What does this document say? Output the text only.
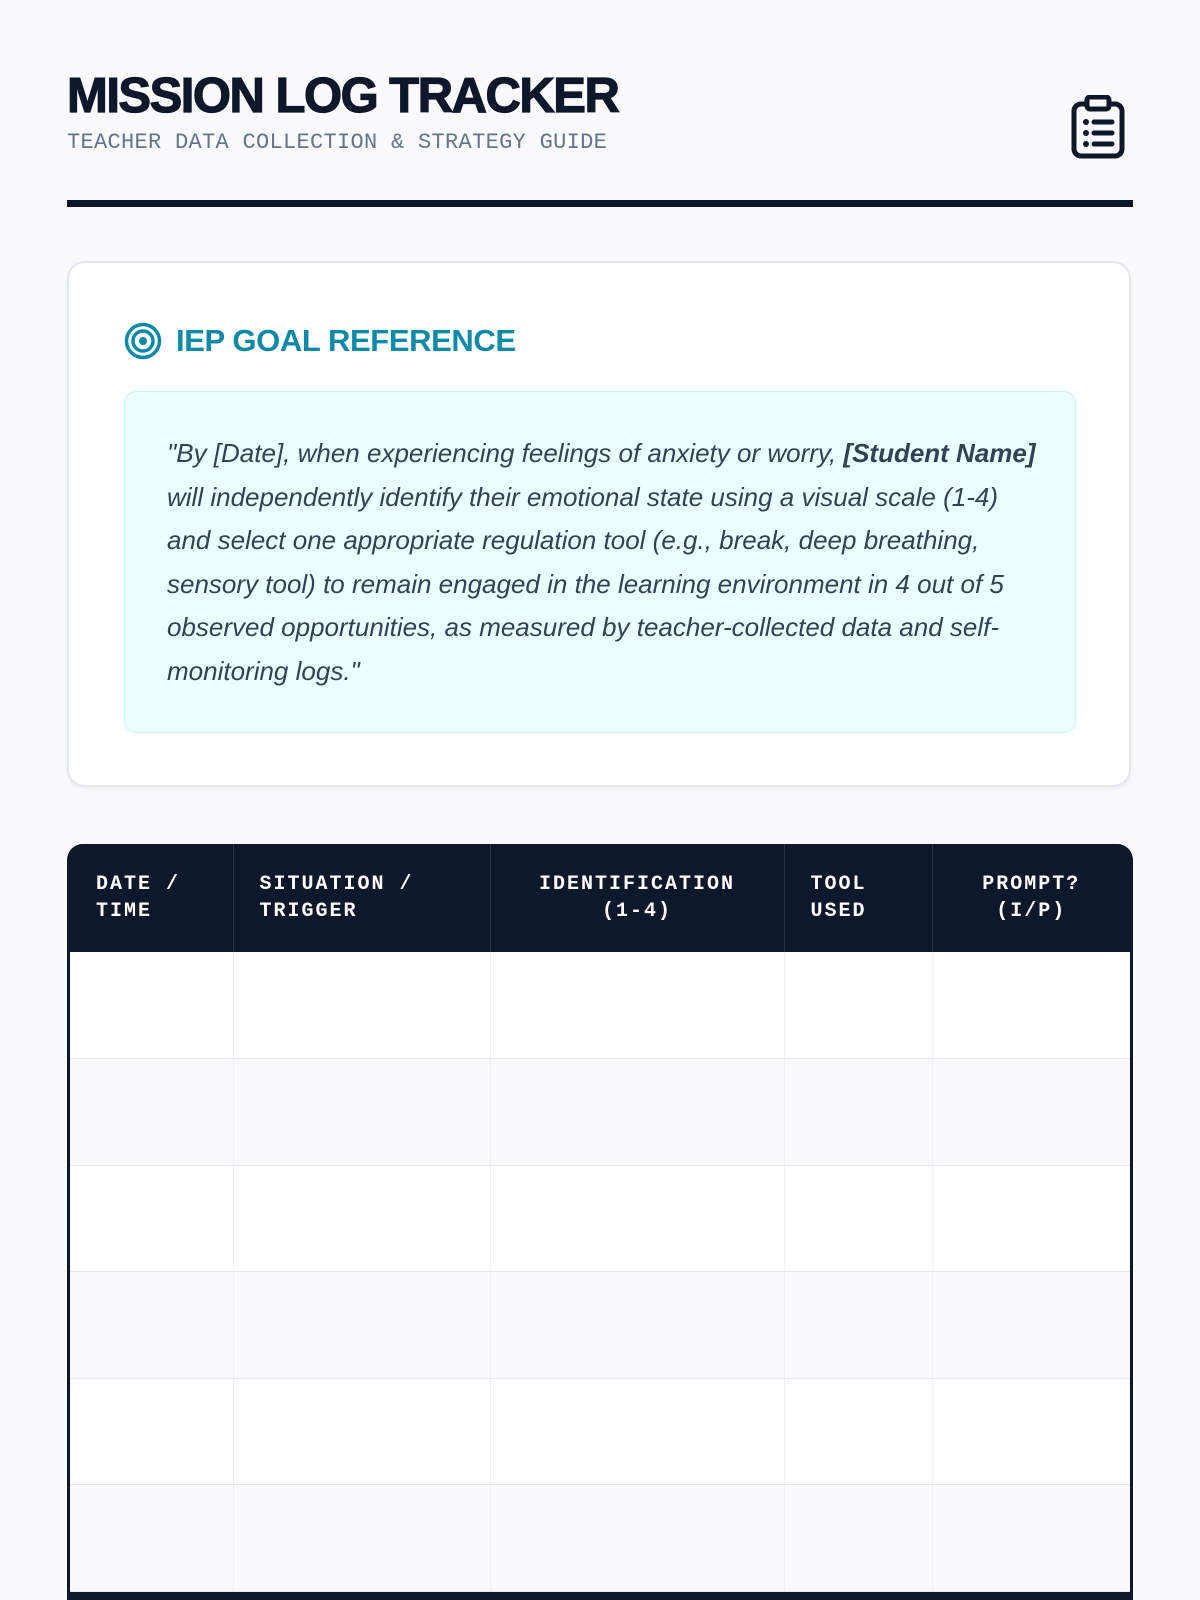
MISSION LOG TRACKER
TEACHER DATA COLLECTION & STRATEGY GUIDE
IEP GOAL REFERENCE

"By [Date], when experiencing feelings of anxiety or worry, [Student Name] will independently identify their emotional state using a visual scale (1-4) and select one appropriate regulation tool (e.g., break, deep breathing, sensory tool) to remain engaged in the learning environment in 4 out of 5 observed opportunities, as measured by teacher-collected data and self-monitoring logs."

DATE /
TIME	SITUATION /
TRIGGER	IDENTIFICATION
(1-4)	TOOL
USED	PROMPT?
(I/P)
